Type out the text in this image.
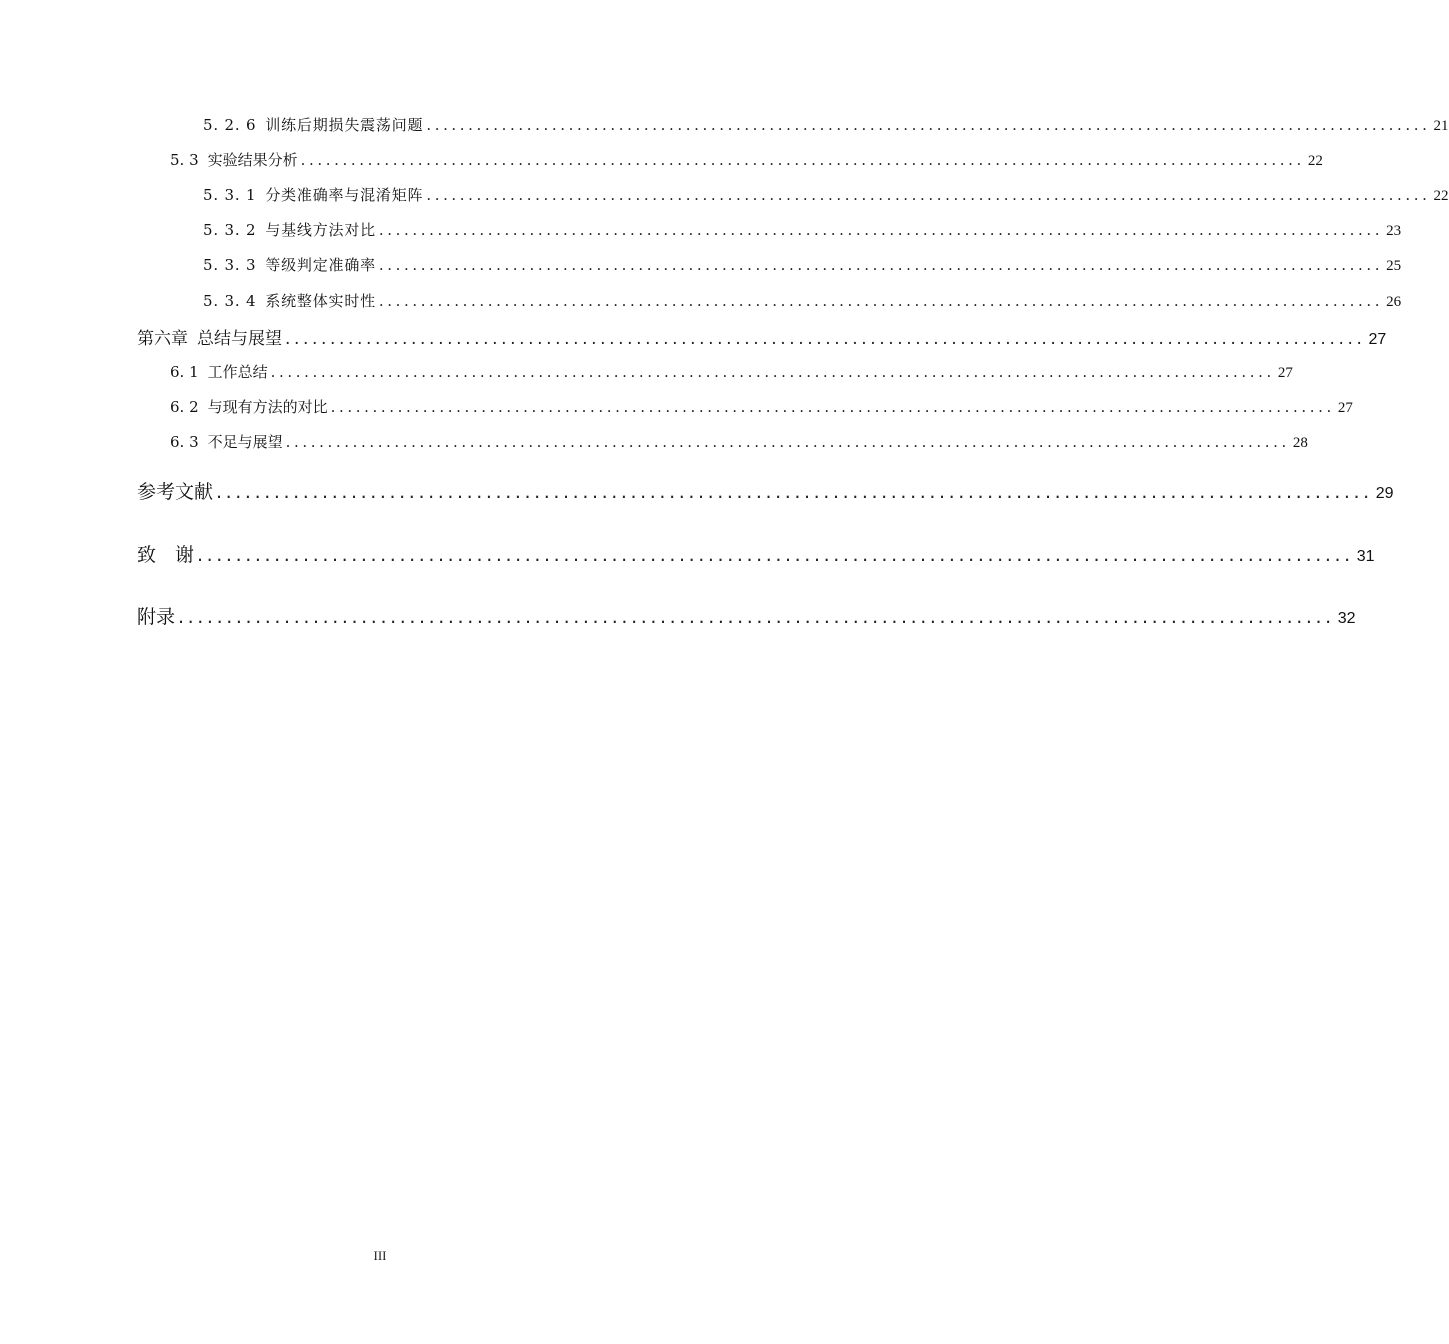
5. 2. 6 训练后期损失震荡问题 ........................................................................................................................ 21
5. 3 实验结果分析 ........................................................................................................................ 22
5. 3. 1 分类准确率与混淆矩阵 ........................................................................................................................ 22
5. 3. 2 与基线方法对比 ........................................................................................................................ 23
5. 3. 3 等级判定准确率 ........................................................................................................................ 25
5. 3. 4 系统整体实时性 ........................................................................................................................ 26
第六章 总结与展望 ........................................................................................................................ 27
6. 1 工作总结 ........................................................................................................................ 27
6. 2 与现有方法的对比 ........................................................................................................................ 27
6. 3 不足与展望 ........................................................................................................................ 28
参考文献 ........................................................................................................................ 29
致　谢 ........................................................................................................................ 31
附录 ........................................................................................................................ 32
III
